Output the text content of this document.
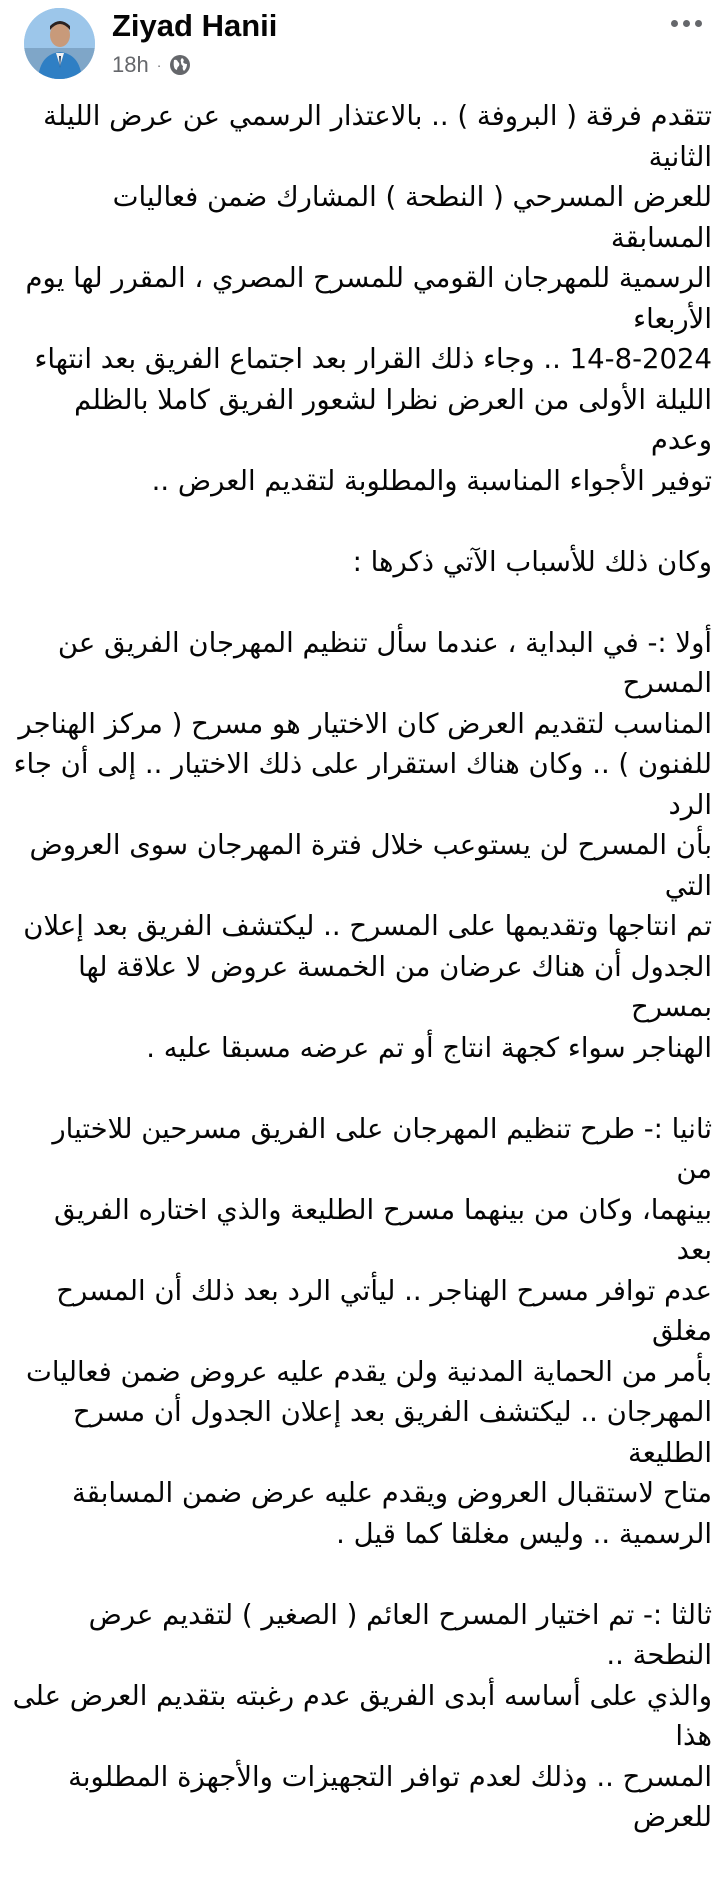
Ziyad Hanii
18h ·

تتقدم فرقة ( البروفة ) .. بالاعتذار الرسمي عن عرض الليلة الثانية
للعرض المسرحي ( النطحة ) المشارك ضمن فعاليات المسابقة
الرسمية للمهرجان القومي للمسرح المصري ، المقرر لها يوم الأربعاء
14-8-2024 .. وجاء ذلك القرار بعد اجتماع الفريق بعد انتهاء
الليلة الأولى من العرض نظرا لشعور الفريق كاملا بالظلم وعدم
توفير الأجواء المناسبة والمطلوبة لتقديم العرض ..

وكان ذلك للأسباب الآتي ذكرها :

أولا :- في البداية ، عندما سأل تنظيم المهرجان الفريق عن المسرح
المناسب لتقديم العرض كان الاختيار هو مسرح ( مركز الهناجر
للفنون ) .. وكان هناك استقرار على ذلك الاختيار .. إلى أن جاء الرد
بأن المسرح لن يستوعب خلال فترة المهرجان سوى العروض التي
تم انتاجها وتقديمها على المسرح .. ليكتشف الفريق بعد إعلان
الجدول أن هناك عرضان من الخمسة عروض لا علاقة لها بمسرح
الهناجر سواء كجهة انتاج أو تم عرضه مسبقا عليه .

ثانيا :- طرح تنظيم المهرجان على الفريق مسرحين للاختيار من
بينهما، وكان من بينهما مسرح الطليعة والذي اختاره الفريق بعد
عدم توافر مسرح الهناجر .. ليأتي الرد بعد ذلك أن المسرح مغلق
بأمر من الحماية المدنية ولن يقدم عليه عروض ضمن فعاليات
المهرجان .. ليكتشف الفريق بعد إعلان الجدول أن مسرح الطليعة
متاح لاستقبال العروض ويقدم عليه عرض ضمن المسابقة
الرسمية .. وليس مغلقا كما قيل .

ثالثا :- تم اختيار المسرح العائم ( الصغير ) لتقديم عرض النطحة ..
والذي على أساسه أبدى الفريق عدم رغبته بتقديم العرض على هذا
المسرح .. وذلك لعدم توافر التجهيزات والأجهزة المطلوبة للعرض
